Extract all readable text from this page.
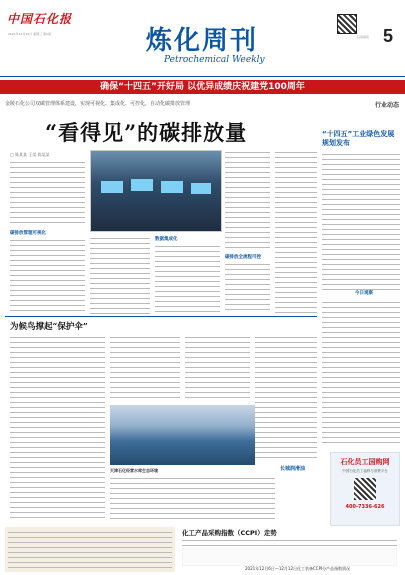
中国石化报
2021年12月15日 星期三 第5版	炼化周刊
Petrochemical Weekly
扫码看报 5
确保“十四五”开好局 以优异成绩庆祝建党100周年
金陵石化公司双碳管理体系建设，实现可视化、集成化、可控化，自动化碳排放管理	行业动态
“看得见”的碳排放量
□ 陈某某 王某 陈某某
碳排放管理可视化
数据集成化
碳排放全流程可控
“十四五”工业绿色发展规划发布
今日观察
为候鸟撑起“保护伞”
天津石化经营水库生态环境	长城润滑油
石化员工国购网
中国石化员工福利与消费平台
400-7336-626
化工产品采购指数（CCPI）走势
2021年12月6日—12月12日化工装备CCPI分产品指数情况
